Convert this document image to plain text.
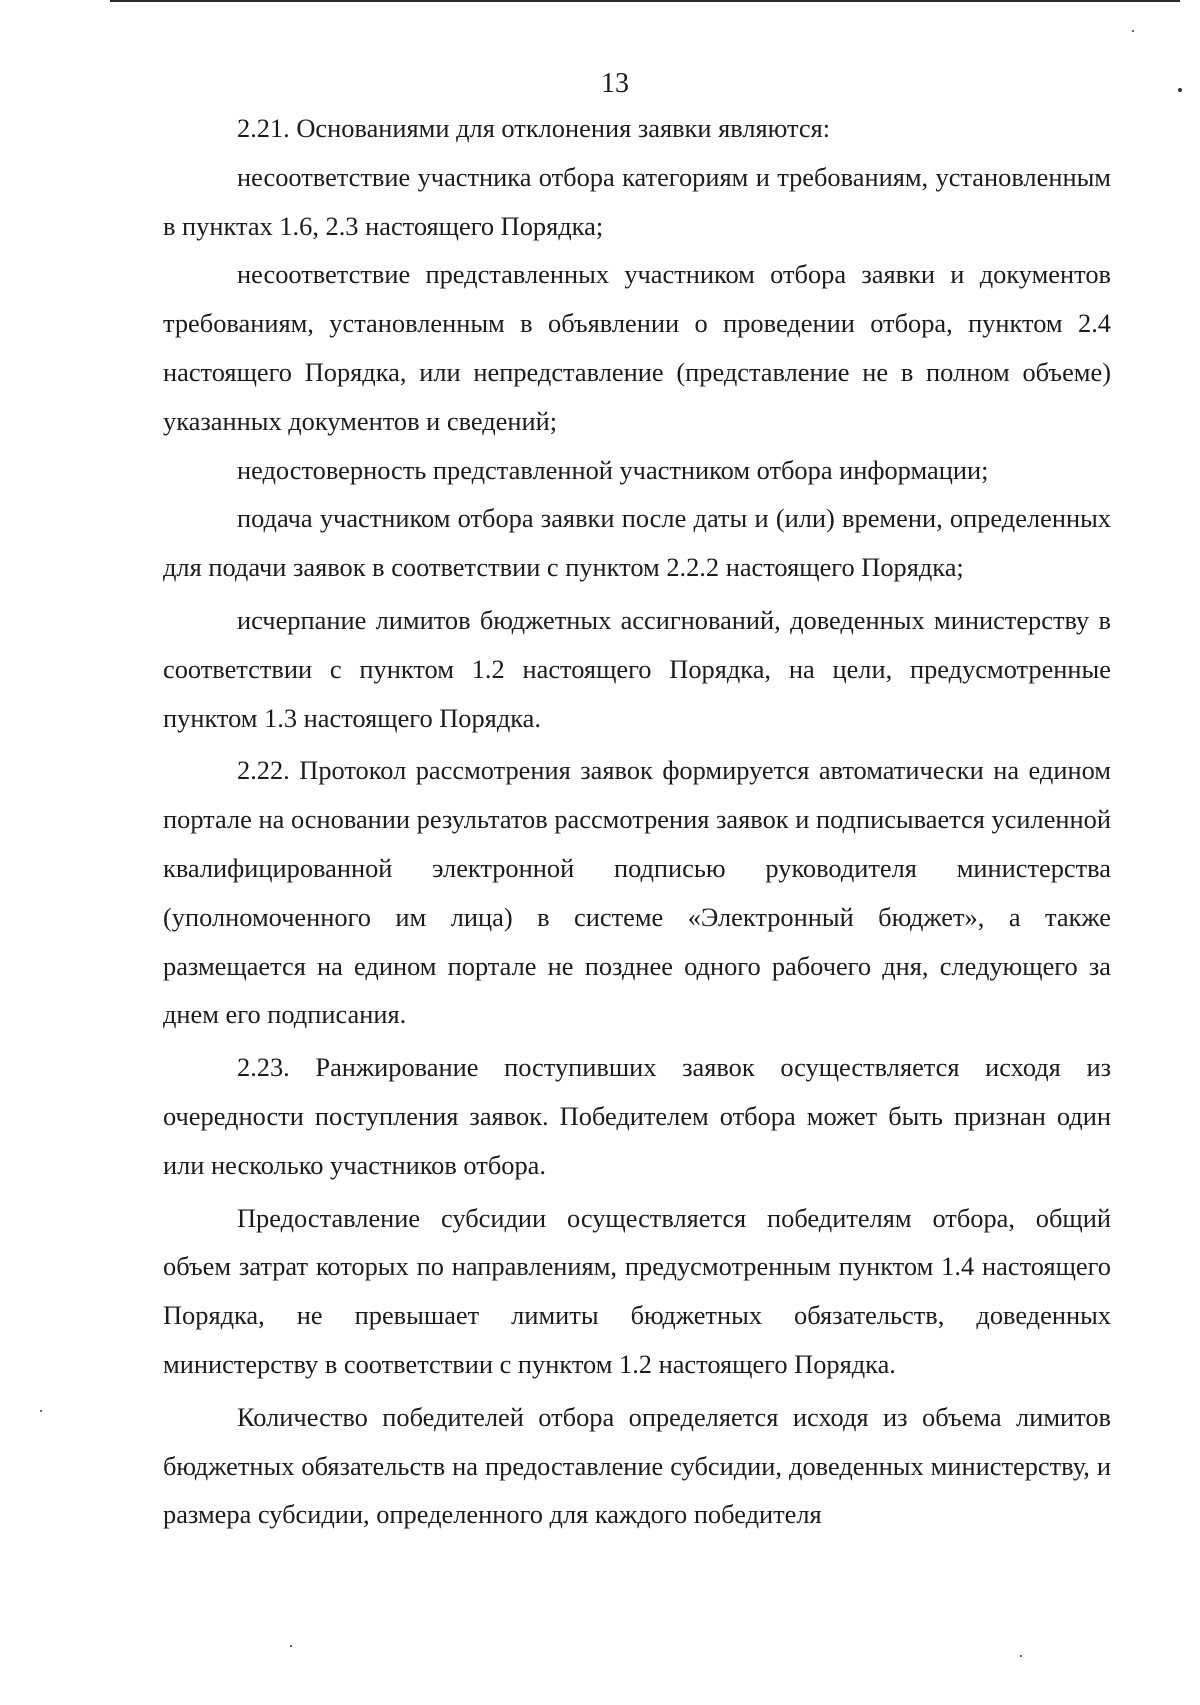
13

2.21. Основаниями для отклонения заявки являются:

несоответствие участника отбора категориям и требованиям, установленным в пунктах 1.6, 2.3 настоящего Порядка;

несоответствие представленных участником отбора заявки и документов требованиям, установленным в объявлении о проведении отбора, пунктом 2.4 настоящего Порядка, или непредставление (представление не в полном объеме) указанных документов и сведений;

недостоверность представленной участником отбора информации;

подача участником отбора заявки после даты и (или) времени, определенных для подачи заявок в соответствии с пунктом 2.2.2 настоящего Порядка;

исчерпание лимитов бюджетных ассигнований, доведенных министерству в соответствии с пунктом 1.2 настоящего Порядка, на цели, предусмотренные пунктом 1.3 настоящего Порядка.

2.22. Протокол рассмотрения заявок формируется автоматически на едином портале на основании результатов рассмотрения заявок и подписывается усиленной квалифицированной электронной подписью руководителя министерства (уполномоченного им лица) в системе «Электронный бюджет», а также размещается на едином портале не позднее одного рабочего дня, следующего за днем его подписания.

2.23. Ранжирование поступивших заявок осуществляется исходя из очередности поступления заявок. Победителем отбора может быть признан один или несколько участников отбора.

Предоставление субсидии осуществляется победителям отбора, общий объем затрат которых по направлениям, предусмотренным пунктом 1.4 настоящего Порядка, не превышает лимиты бюджетных обязательств, доведенных министерству в соответствии с пунктом 1.2 настоящего Порядка.

Количество победителей отбора определяется исходя из объема лимитов бюджетных обязательств на предоставление субсидии, доведенных министерству, и размера субсидии, определенного для каждого победителя
